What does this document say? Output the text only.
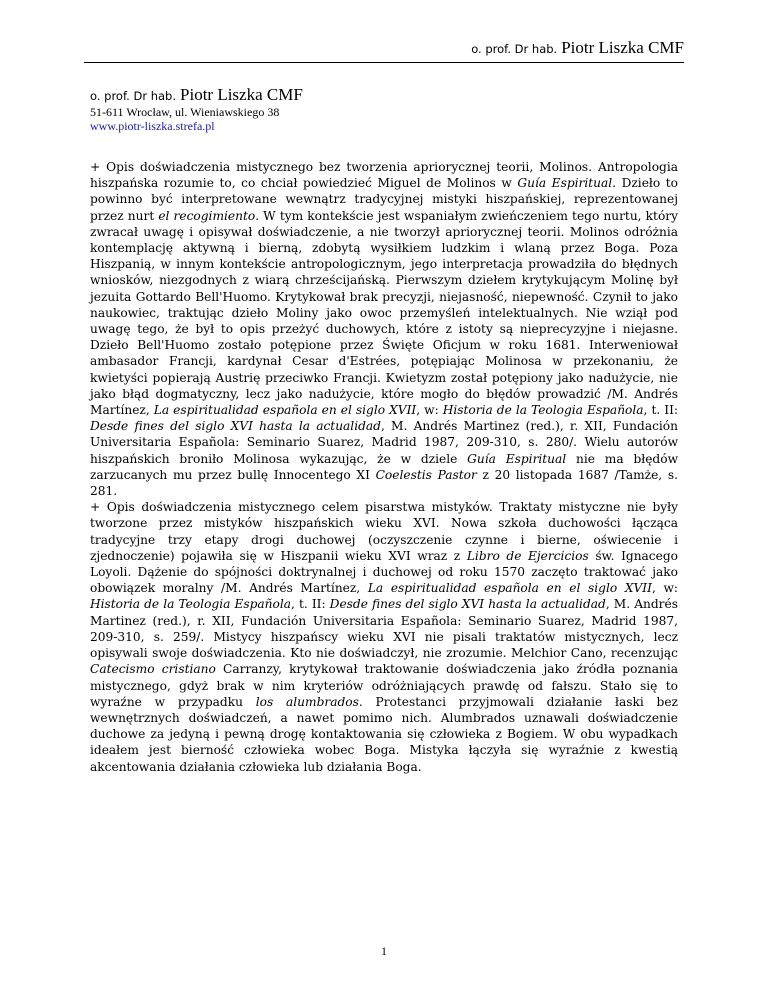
o. prof. Dr hab. Piotr Liszka CMF
o. prof. Dr hab. Piotr Liszka CMF
51-611 Wrocław, ul. Wieniawskiego 38
www.piotr-liszka.strefa.pl

+ Opis doświadczenia mistycznego bez tworzenia apriorycznej teorii, Molinos. Antropologia hiszpańska rozumie to, co chciał powiedzieć Miguel de Molinos w Guía Espiritual. Dzieło to powinno być interpretowane wewnątrz tradycyjnej mistyki hiszpańskiej, reprezentowanej przez nurt el recogimiento. W tym kontekście jest wspaniałym zwieńczeniem tego nurtu, który zwracał uwagę i opisywał doświadczenie, a nie tworzył apriorycznej teorii. Molinos odróżnia kontemplację aktywną i bierną, zdobytą wysiłkiem ludzkim i wlaną przez Boga. Poza Hiszpanią, w innym kontekście antropologicznym, jego interpretacja prowadziła do błędnych wniosków, niezgodnych z wiarą chrześcijańską. Pierwszym dziełem krytykującym Molinę był jezuita Gottardo Bell'Huomo. Krytykował brak precyzji, niejasność, niepewność. Czynił to jako naukowiec, traktując dzieło Moliny jako owoc przemyśleń intelektualnych. Nie wziął pod uwagę tego, że był to opis przeżyć duchowych, które z istoty są nieprecyzyjne i niejasne. Dzieło Bell'Huomo zostało potępione przez Święte Oficjum w roku 1681. Interweniował ambasador Francji, kardynał Cesar d'Estrées, potępiając Molinosa w przekonaniu, że kwietyści popierają Austrię przeciwko Francji. Kwietyzm został potępiony jako nadużycie, nie jako błąd dogmatyczny, lecz jako nadużycie, które mogło do błędów prowadzić /M. Andrés Martínez, La espiritualidad española en el siglo XVII, w: Historia de la Teologia Española, t. II: Desde fines del siglo XVI hasta la actualidad, M. Andrés Martinez (red.), r. XII, Fundación Universitaria Española: Seminario Suarez, Madrid 1987, 209-310, s. 280/. Wielu autorów hiszpańskich broniło Molinosa wykazując, że w dziele Guía Espiritual nie ma błędów zarzucanych mu przez bullę Innocentego XI Coelestis Pastor z 20 listopada 1687 /Tamże, s. 281.

+ Opis doświadczenia mistycznego celem pisarstwa mistyków. Traktaty mistyczne nie były tworzone przez mistyków hiszpańskich wieku XVI. Nowa szkoła duchowości łącząca tradycyjne trzy etapy drogi duchowej (oczyszczenie czynne i bierne, oświecenie i zjednoczenie) pojawiła się w Hiszpanii wieku XVI wraz z Libro de Ejercicios św. Ignacego Loyoli. Dążenie do spójności doktrynalnej i duchowej od roku 1570 zaczęto traktować jako obowiązek moralny /M. Andrés Martínez, La espiritualidad española en el siglo XVII, w: Historia de la Teologia Española, t. II: Desde fines del siglo XVI hasta la actualidad, M. Andrés Martinez (red.), r. XII, Fundación Universitaria Española: Seminario Suarez, Madrid 1987, 209-310, s. 259/. Mistycy hiszpańscy wieku XVI nie pisali traktatów mistycznych, lecz opisywali swoje doświadczenia. Kto nie doświadczył, nie zrozumie. Melchior Cano, recenzując Catecismo cristiano Carranzy, krytykował traktowanie doświadczenia jako źródła poznania mistycznego, gdyż brak w nim kryteriów odróżniających prawdę od fałszu. Stało się to wyraźne w przypadku los alumbrados. Protestanci przyjmowali działanie łaski bez wewnętrznych doświadczeń, a nawet pomimo nich. Alumbrados uznawali doświadczenie duchowe za jedyną i pewną drogę kontaktowania się człowieka z Bogiem. W obu wypadkach ideałem jest bierność człowieka wobec Boga. Mistyka łączyła się wyraźnie z kwestią akcentowania działania człowieka lub działania Boga.

1
